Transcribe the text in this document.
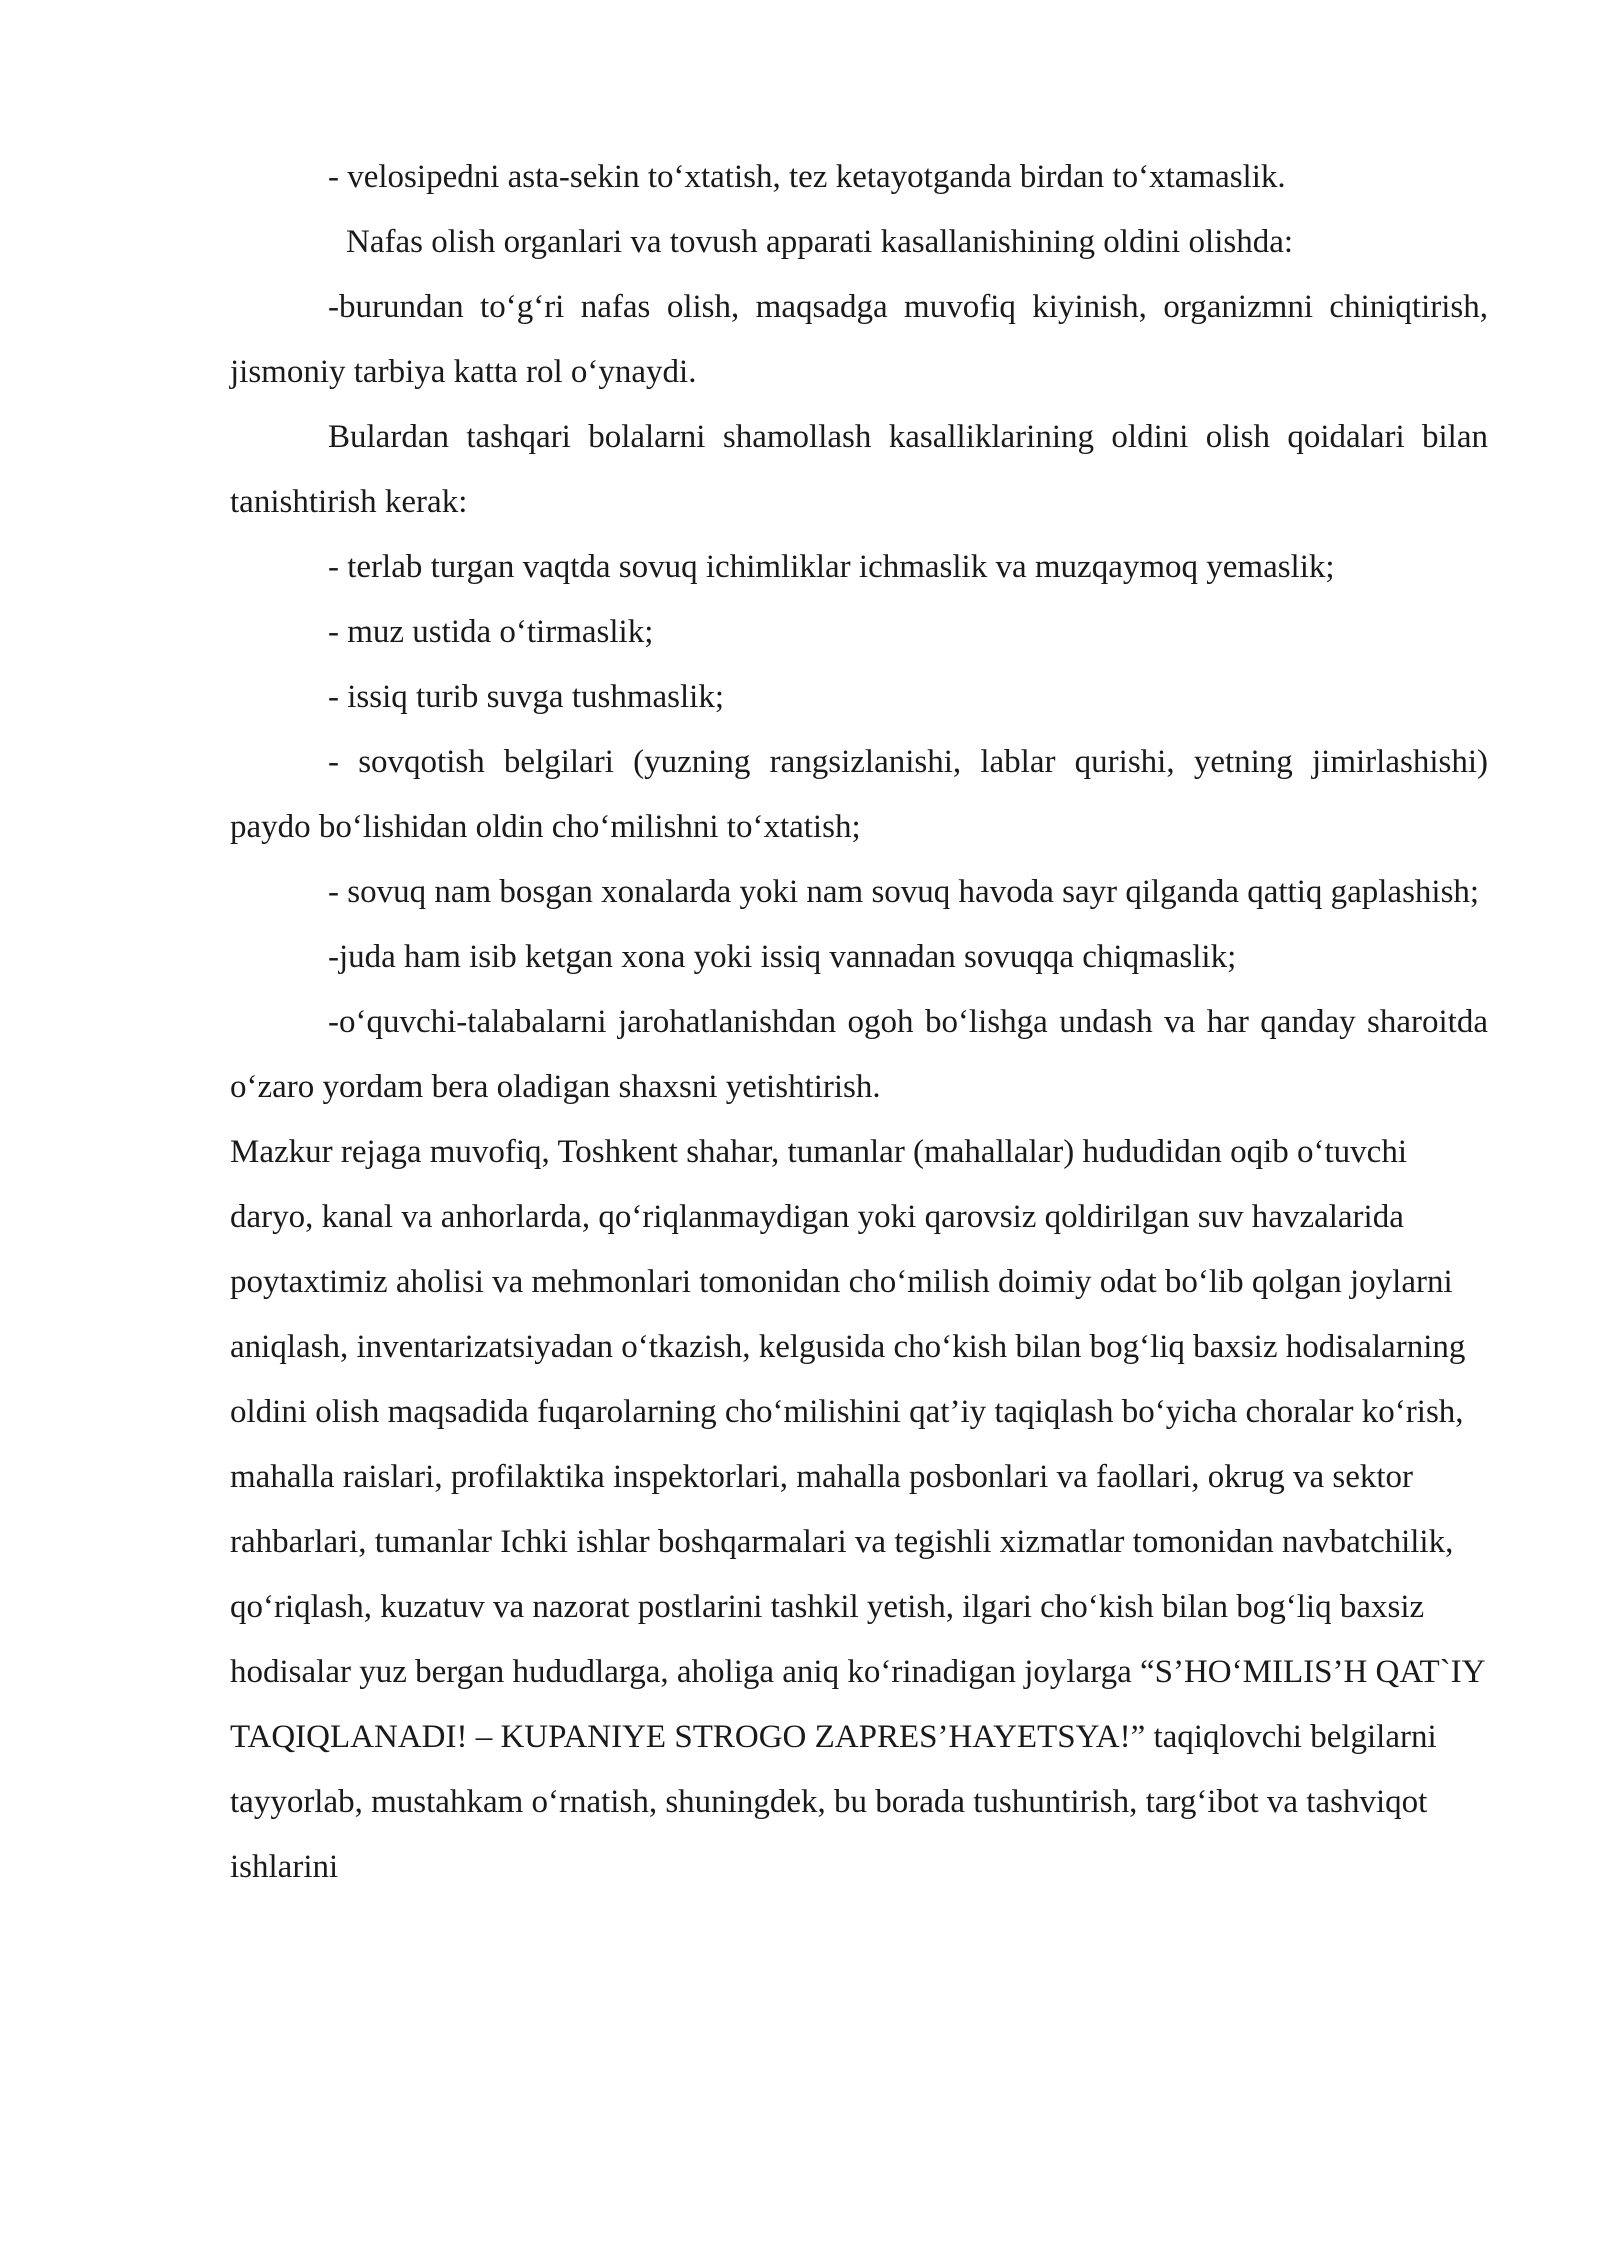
- velosipedni asta-sekin to‘xtatish, tez ketayotganda birdan to‘xtamaslik.

Nafas olish organlari va tovush apparati kasallanishining oldini olishda:

-burundan to‘g‘ri nafas olish, maqsadga muvofiq kiyinish, organizmni chiniqtirish, jismoniy tarbiya katta rol o‘ynaydi.

Bulardan tashqari bolalarni shamollash kasalliklarining oldini olish qoidalari bilan tanishtirish kerak:

- terlab turgan vaqtda sovuq ichimliklar ichmaslik va muzqaymoq yemaslik;

- muz ustida o‘tirmaslik;

- issiq turib suvga tushmaslik;

- sovqotish belgilari (yuzning rangsizlanishi, lablar qurishi, yetning jimirlashishi) paydo bo‘lishidan oldin cho‘milishni to‘xtatish;

- sovuq nam bosgan xonalarda yoki nam sovuq havoda sayr qilganda qattiq gaplashish;

-juda ham isib ketgan xona yoki issiq vannadan sovuqqa chiqmaslik;

-o‘quvchi-talabalarni jarohatlanishdan ogoh bo‘lishga undash va har qanday sharoitda o‘zaro yordam bera oladigan shaxsni yetishtirish.

Mazkur rejaga muvofiq, Toshkent shahar, tumanlar (mahallalar) hududidan oqib o‘tuvchi daryo, kanal va anhorlarda, qo‘riqlanmaydigan yoki qarovsiz qoldirilgan suv havzalarida poytaxtimiz aholisi va mehmonlari tomonidan cho‘milish doimiy odat bo‘lib qolgan joylarni aniqlash, inventarizatsiyadan o‘tkazish, kelgusida cho‘kish bilan bog‘liq baxsiz hodisalarning oldini olish maqsadida fuqarolarning cho‘milishini qat’iy taqiqlash bo‘yicha choralar ko‘rish, mahalla raislari, profilaktika inspektorlari, mahalla posbonlari va faollari, okrug va sektor rahbarlari, tumanlar Ichki ishlar boshqarmalari va tegishli xizmatlar tomonidan navbatchilik, qo‘riqlash, kuzatuv va nazorat postlarini tashkil yetish, ilgari cho‘kish bilan bog‘liq baxsiz hodisalar yuz bergan hududlarga, aholiga aniq ko‘rinadigan joylarga “S’HO‘MILIS’H QAT`IY TAQIQLANADI! – KUPANIYE STROGO ZAPRES’HAYETSYA!” taqiqlovchi belgilarni tayyorlab, mustahkam o‘rnatish, shuningdek, bu borada tushuntirish, targ‘ibot va tashviqot ishlarini
